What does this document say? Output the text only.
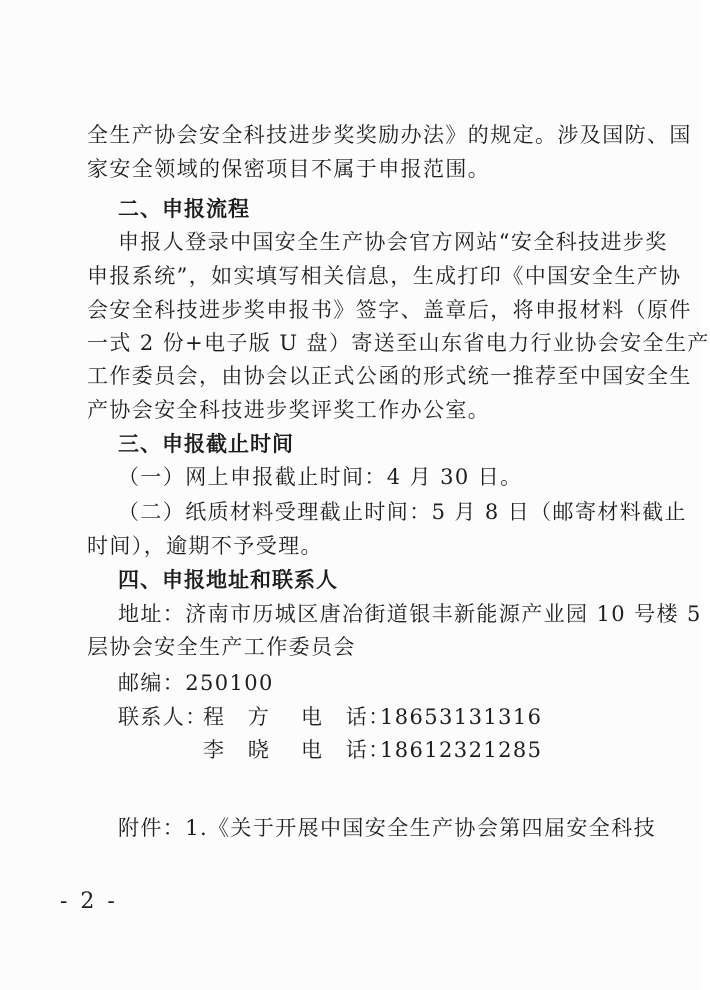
全生产协会安全科技进步奖奖励办法》的规定。涉及国防、国
家安全领域的保密项目不属于申报范围。
二、申报流程
申报人登录中国安全生产协会官方网站“安全科技进步奖
申报系统”，如实填写相关信息，生成打印《中国安全生产协
会安全科技进步奖申报书》签字、盖章后，将申报材料（原件
一式 2 份+电子版 U 盘）寄送至山东省电力行业协会安全生产
工作委员会，由协会以正式公函的形式统一推荐至中国安全生
产协会安全科技进步奖评奖工作办公室。
三、申报截止时间
（一）网上申报截止时间：4 月 30 日。
（二）纸质材料受理截止时间：5 月 8 日（邮寄材料截止
时间），逾期不予受理。
四、申报地址和联系人
地址：济南市历城区唐冶街道银丰新能源产业园 10 号楼 5
层协会安全生产工作委员会
邮编：250100
联系人：
程　方 电　话：
18653131316
李　晓 电　话：
18612321285
附件：1.《关于开展中国安全生产协会第四届安全科技
- 2 -
